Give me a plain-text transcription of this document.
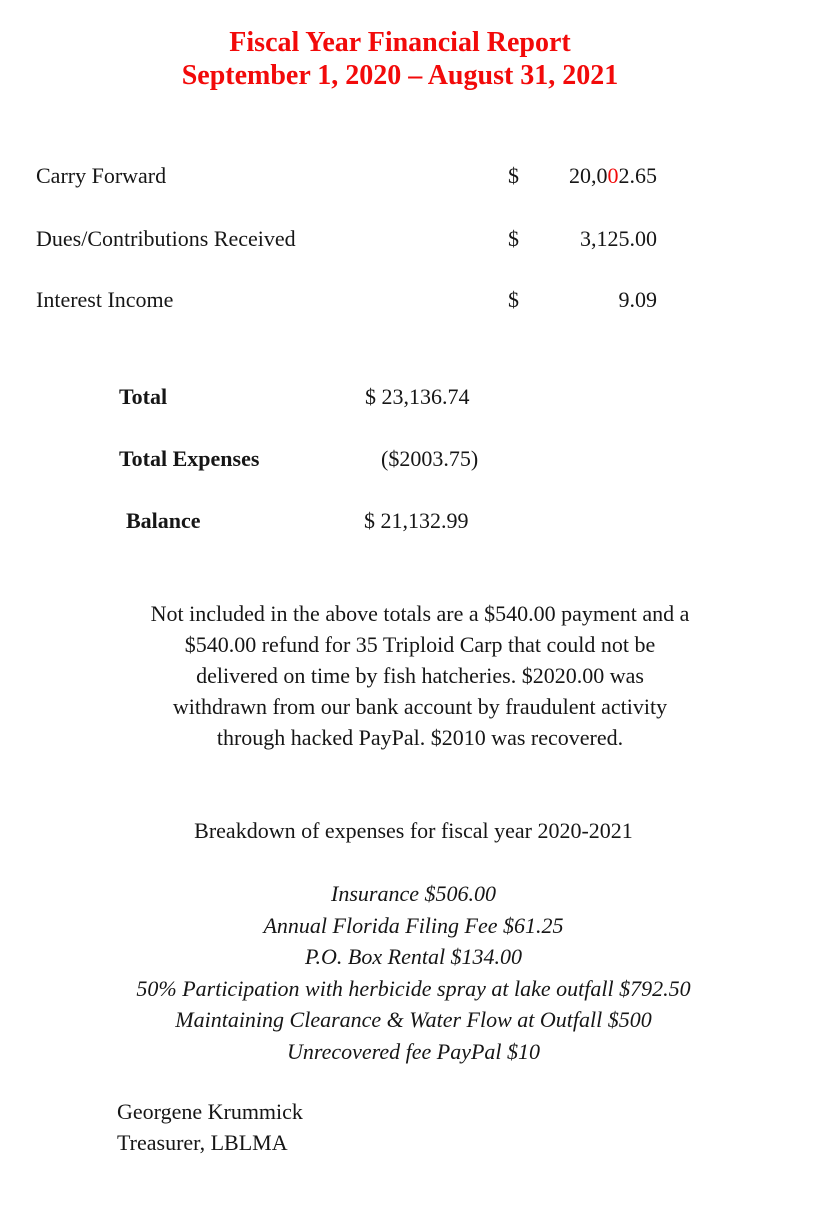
Fiscal Year Financial Report
September 1, 2020 – August 31, 2021
Carry Forward	$	20,002.65
Dues/Contributions Received	$	3,125.00
Interest Income	$	9.09
Total	$ 23,136.74
Total Expenses	($2003.75)
Balance	$ 21,132.99
Not included in the above totals are a $540.00 payment and a
$540.00 refund for 35 Triploid Carp that could not be
delivered on time by fish hatcheries. $2020.00 was
withdrawn from our bank account by fraudulent activity
through hacked PayPal. $2010 was recovered.
Breakdown of expenses for fiscal year 2020-2021
Insurance $506.00
Annual Florida Filing Fee $61.25
P.O. Box Rental $134.00
50% Participation with herbicide spray at lake outfall $792.50
Maintaining Clearance & Water Flow at Outfall $500
Unrecovered fee PayPal $10
Georgene Krummick
Treasurer, LBLMA
